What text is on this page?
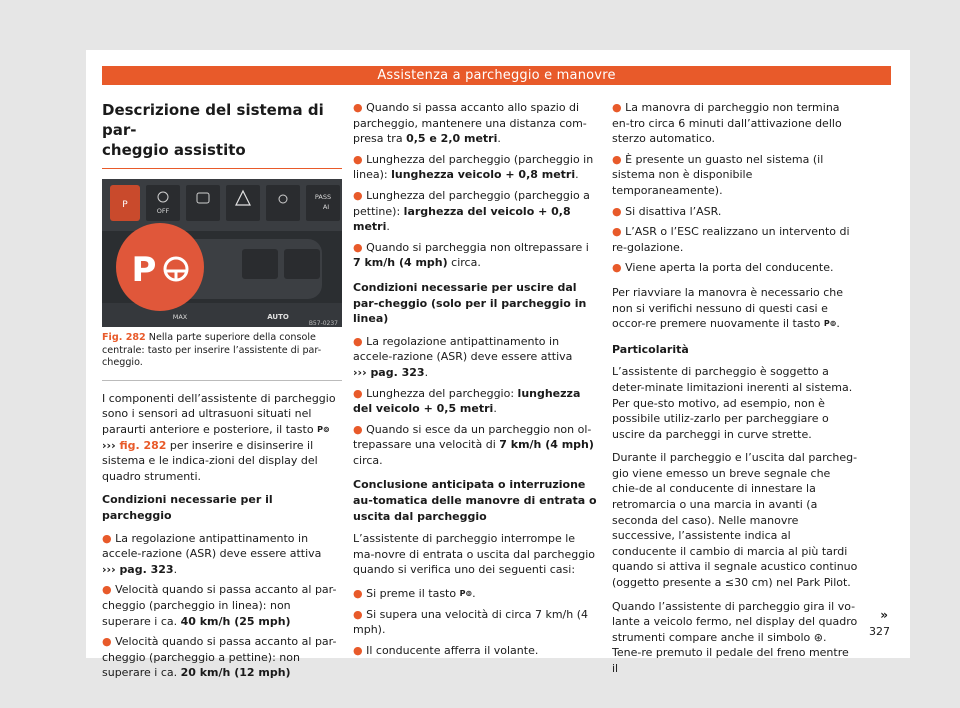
Assistenza a parcheggio e manovre
Descrizione del sistema di par-
cheggio assistito
P
OFF
PASS
AI
MAX	AUTO
P
B57-0237
Fig. 282 Nella parte superiore della console centrale: tasto per inserire l’assistente di par-cheggio.

I componenti dell’assistente di parcheggio sono i sensori ad ultrasuoni situati nel paraurti anteriore e posteriore, il tasto P⊚ ››› fig. 282 per inserire e disinserire il sistema e le indica-zioni del display del quadro strumenti.

Condizioni necessarie per il parcheggio
● La regolazione antipattinamento in accele-razione (ASR) deve essere attiva ››› pag. 323.
● Velocità quando si passa accanto al par-cheggio (parcheggio in linea): non superare i ca. 40 km/h (25 mph)
● Velocità quando si passa accanto al par-cheggio (parcheggio a pettine): non superare i ca. 20 km/h (12 mph)
● Quando si passa accanto allo spazio di parcheggio, mantenere una distanza com-presa tra 0,5 e 2,0 metri.
● Lunghezza del parcheggio (parcheggio in linea): lunghezza veicolo + 0,8 metri.
● Lunghezza del parcheggio (parcheggio a pettine): larghezza del veicolo + 0,8 metri.
● Quando si parcheggia non oltrepassare i 7 km/h (4 mph) circa.
Condizioni necessarie per uscire dal par-cheggio (solo per il parcheggio in linea)
● La regolazione antipattinamento in accele-razione (ASR) deve essere attiva ››› pag. 323.
● Lunghezza del parcheggio: lunghezza del veicolo + 0,5 metri.
● Quando si esce da un parcheggio non ol-trepassare una velocità di 7 km/h (4 mph) circa.
Conclusione anticipata o interruzione au-tomatica delle manovre di entrata o uscita dal parcheggio

L’assistente di parcheggio interrompe le ma-novre di entrata o uscita dal parcheggio quando si verifica uno dei seguenti casi:

● Si preme il tasto P⊚.
● Si supera una velocità di circa 7 km/h (4 mph).
● Il conducente afferra il volante.
● La manovra di parcheggio non termina en-tro circa 6 minuti dall’attivazione dello sterzo automatico.
● È presente un guasto nel sistema (il sistema non è disponibile temporaneamente).
● Si disattiva l’ASR.
● L’ASR o l’ESC realizzano un intervento di re-golazione.
● Viene aperta la porta del conducente.

Per riavviare la manovra è necessario che non si verifichi nessuno di questi casi e occor-re premere nuovamente il tasto P⊚.

Particolarità

L’assistente di parcheggio è soggetto a deter-minate limitazioni inerenti al sistema. Per que-sto motivo, ad esempio, non è possibile utiliz-zarlo per parcheggiare o uscire da parcheggi in curve strette.

Durante il parcheggio e l’uscita dal parcheg-gio viene emesso un breve segnale che chie-de al conducente di innestare la retromarcia o una marcia in avanti (a seconda del caso). Nelle manovre successive, l’assistente indica al conducente il cambio di marcia al più tardi quando si attiva il segnale acustico continuo (oggetto presente a ≤30 cm) nel Park Pilot.

Quando l’assistente di parcheggio gira il vo-lante a veicolo fermo, nel display del quadro strumenti compare anche il simbolo ⊛. Tene-re premuto il pedale del freno mentre il

»
327
